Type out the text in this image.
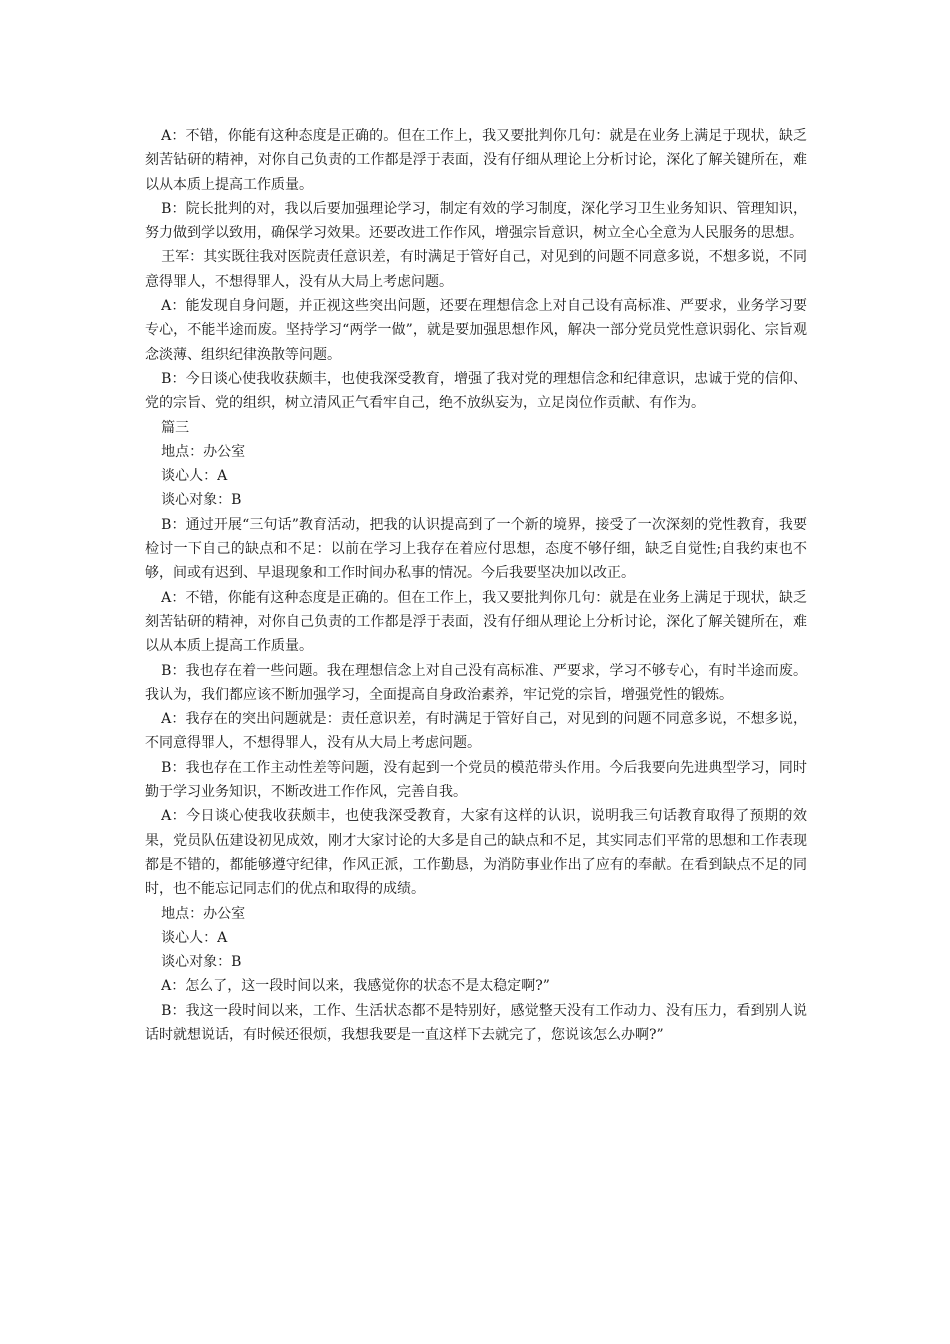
A：不错，你能有这种态度是正确的。但在工作上，我又要批判你几句：就是在业务上满足于现状，缺乏刻苦钻研的精神，对你自己负责的工作都是浮于表面，没有仔细从理论上分析讨论，深化了解关键所在，难以从本质上提高工作质量。

B：院长批判的对，我以后要加强理论学习，制定有效的学习制度，深化学习卫生业务知识、管理知识，努力做到学以致用，确保学习效果。还要改进工作作风，增强宗旨意识，树立全心全意为人民服务的思想。

王军：其实既往我对医院责任意识差，有时满足于管好自己，对见到的问题不同意多说，不想多说，不同意得罪人，不想得罪人，没有从大局上考虑问题。

A：能发现自身问题，并正视这些突出问题，还要在理想信念上对自己设有高标准、严要求，业务学习要专心，不能半途而废。坚持学习“两学一做”，就是要加强思想作风，解决一部分党员党性意识弱化、宗旨观念淡薄、组织纪律涣散等问题。

B：今日谈心使我收获颇丰，也使我深受教育，增强了我对党的理想信念和纪律意识，忠诚于党的信仰、党的宗旨、党的组织，树立清风正气看牢自己，绝不放纵妄为，立足岗位作贡献、有作为。

篇三

地点：办公室

谈心人：A

谈心对象：B

B：通过开展“三句话”教育活动，把我的认识提高到了一个新的境界，接受了一次深刻的党性教育，我要检讨一下自己的缺点和不足：以前在学习上我存在着应付思想，态度不够仔细，缺乏自觉性;自我约束也不够，间或有迟到、早退现象和工作时间办私事的情况。今后我要坚决加以改正。

A：不错，你能有这种态度是正确的。但在工作上，我又要批判你几句：就是在业务上满足于现状，缺乏刻苦钻研的精神，对你自己负责的工作都是浮于表面，没有仔细从理论上分析讨论，深化了解关键所在，难以从本质上提高工作质量。

B：我也存在着一些问题。我在理想信念上对自己没有高标准、严要求，学习不够专心，有时半途而废。我认为，我们都应该不断加强学习，全面提高自身政治素养，牢记党的宗旨，增强党性的锻炼。

A：我存在的突出问题就是：责任意识差，有时满足于管好自己，对见到的问题不同意多说，不想多说，不同意得罪人，不想得罪人，没有从大局上考虑问题。

B：我也存在工作主动性差等问题，没有起到一个党员的模范带头作用。今后我要向先进典型学习，同时勤于学习业务知识，不断改进工作作风，完善自我。

A：今日谈心使我收获颇丰，也使我深受教育，大家有这样的认识，说明我三句话教育取得了预期的效果，党员队伍建设初见成效，刚才大家讨论的大多是自己的缺点和不足，其实同志们平常的思想和工作表现都是不错的，都能够遵守纪律，作风正派，工作勤恳，为消防事业作出了应有的奉献。在看到缺点不足的同时，也不能忘记同志们的优点和取得的成绩。

地点：办公室

谈心人：A

谈心对象：B

A：怎么了，这一段时间以来，我感觉你的状态不是太稳定啊?”

B：我这一段时间以来，工作、生活状态都不是特别好，感觉整天没有工作动力、没有压力，看到别人说话时就想说话，有时候还很烦，我想我要是一直这样下去就完了，您说该怎么办啊?”
